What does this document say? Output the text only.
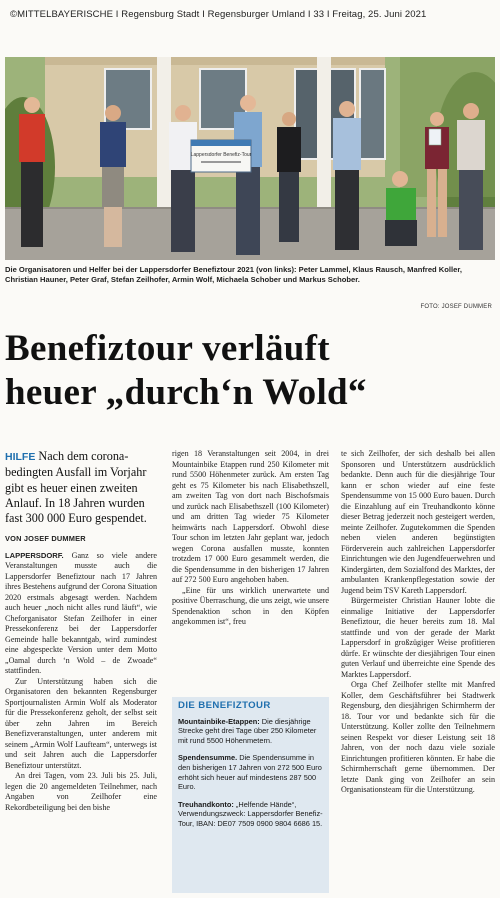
©MITTELBAYERISCHE I Regensburg Stadt I Regensburger Umland I 33 I Freitag, 25. Juni 2021
Lappersdorfer Benefiz-Tour
Die Organisatoren und Helfer bei der Lappersdorfer Benefiztour 2021 (von links): Peter Lammel, Klaus Rausch, Manfred Koller, Christian Hauner, Peter Graf, Stefan Zeilhofer, Armin Wolf, Michaela Schober und Markus Schober.
FOTO: JOSEF DUMMER
Benefiztour verläuft
heuer „durch‘n Wold“

HILFE Nach dem coronabedingten Ausfall im Vorjahr gibt es heuer einen zweiten Anlauf. In 18 Jahren wurden fast 300 000 Euro gespendet.

VON JOSEF DUMMER

LAPPERSDORF. Ganz so viele andere Veranstaltungen musste auch die Lappersdorfer Benefiztour nach 17 Jahren ihres Bestehens aufgrund der Corona Situation 2020 erstmals abgesagt werden. Nachdem auch heuer „noch nicht alles rund läuft“, wie Cheforganisator Stefan Zeilhofer in einer Pressekonferenz bei der Lappersdorfer Gemeinde halle bekanntgab, wird zumindest eine abgespeckte Version unter dem Motto „Oamal durch ‘n Wold – de Zwoade“ stattfinden.

Zur Unterstützung haben sich die Organisatoren den bekannten Regensburger Sportjournalisten Armin Wolf als Moderator für die Pressekonferenz geholt, der selbst seit über zehn Jahren im Bereich Benefizveranstaltungen, unter anderem mit seinem „Armin Wolf Laufteam“, unterwegs ist und seit Jahren auch die Lappersdorfer Benefiztour unterstützt.

An drei Tagen, vom 23. Juli bis 25. Juli, legen die 20 angemeldeten Teilnehmer, nach Angaben von Zeilhofer eine Rekordbeteiligung bei den bishe

rigen 18 Veranstaltungen seit 2004, in drei Mountainbike Etappen rund 250 Kilometer mit rund 5500 Höhenmeter zurück. Am ersten Tag geht es 75 Kilometer bis nach Elisabethszell, am zweiten Tag von dort nach Bischofsmais und zurück nach Elisabethszell (100 Kilometer) und am dritten Tag wieder 75 Kilometer heimwärts nach Lappersdorf. Obwohl diese Tour schon im letzten Jahr geplant war, jedoch wegen Corona ausfallen musste, konnten trotzdem 17 000 Euro gesammelt werden, die die Spendensumme in den bisherigen 17 Jahren auf 272 500 Euro angehoben haben.

„Eine für uns wirklich unerwartete und positive Überraschung, die uns zeigt, wie unsere Spendenaktion schon in den Köpfen angekommen ist“, freu

DIE BENEFIZTOUR
Mountainbike-Etappen: Die diesjährige Strecke geht drei Tage über 250 Kilometer mit rund 5500 Höhenmetern.
Spendensumme. Die Spendensumme in den bisherigen 17 Jahren von 272 500 Euro erhöht sich heuer auf mindestens 287 500 Euro.
Treuhandkonto: „Helfende Hände“, Verwendungszweck: Lappersdorfer Benefiz-Tour, IBAN: DE07 7509 0900 9804 6686 15.

te sich Zeilhofer, der sich deshalb bei allen Sponsoren und Unterstützern ausdrücklich bedankte. Denn auch für die diesjährige Tour kann er schon wieder auf eine feste Spendensumme von 15 000 Euro bauen. Durch die Einzahlung auf ein Treuhandkonto könne dieser Betrag jederzeit noch gesteigert werden, meinte Zeilhofer. Zugutekommen die Spenden neben vielen anderen begünstigten Förderverein auch zahlreichen Lappersdorfer Einrichtungen wie den Jugendfeuerwehren und Kindergärten, dem Sozialfond des Marktes, der ambulanten Krankenpflegestation sowie der Jugend beim TSV Kareth Lappersdorf.

Bürgermeister Christian Hauner lobte die einmalige Initiative der Lappersdorfer Benefiztour, die heuer bereits zum 18. Mal stattfinde und von der gerade der Markt Lappersdorf in großzügiger Weise profitieren dürfe. Er wünschte der diesjährigen Tour einen guten Verlauf und überreichte eine Spende des Marktes Lappersdorf.

Orga Chef Zeilhofer stellte mit Manfred Koller, dem Geschäftsführer bei Stadtwerk Regensburg, den diesjährigen Schirmherrn der 18. Tour vor und bedankte sich für die Unterstützung. Koller zollte den Teilnehmern seinen Respekt vor dieser Leistung seit 18 Jahren, von der noch dazu viele soziale Einrichtungen profitieren könnten. Er habe die Schirmherrschaft gerne übernommen. Der letzte Dank ging von Zeilhofer an sein Organisationsteam für die Unterstützung.
